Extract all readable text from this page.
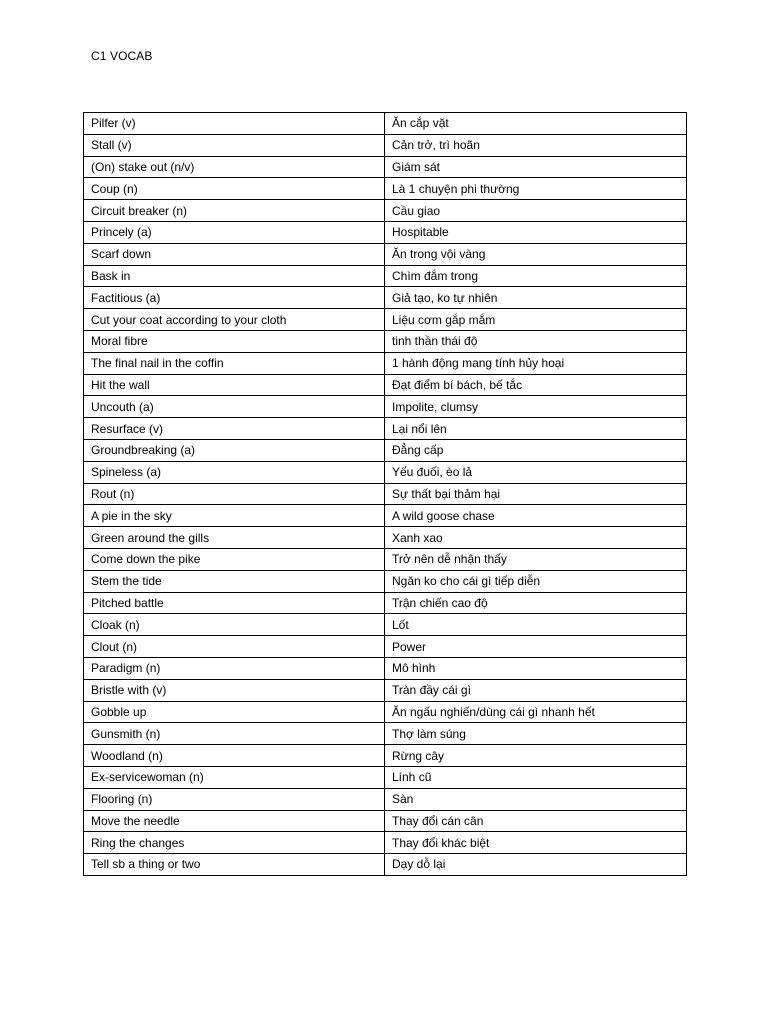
C1 VOCAB
Pilfer (v)	Ăn cắp vặt
Stall (v)	Cản trở, trì hoãn
(On) stake out (n/v)	Giám sát
Coup (n)	Là 1 chuyện phi thường
Circuit breaker (n)	Cầu giao
Princely (a)	Hospitable
Scarf down	Ăn trong vội vàng
Bask in	Chìm đắm trong
Factitious (a)	Giả tạo, ko tự nhiên
Cut your coat according to your cloth	Liệu cơm gắp mắm
Moral fibre	tinh thần thái độ
The final nail in the coffin	1 hành động mang tính hủy hoại
Hit the wall	Đạt điểm bí bách, bế tắc
Uncouth (a)	Impolite, clumsy
Resurface (v)	Lại nổi lên
Groundbreaking (a)	Đẳng cấp
Spineless (a)	Yếu đuối, èo lả
Rout (n)	Sự thất bại thảm hại
A pie in the sky	A wild goose chase
Green around the gills	Xanh xao
Come down the pike	Trở nên dễ nhận thấy
Stem the tide	Ngăn ko cho cái gì tiếp diễn
Pitched battle	Trận chiến cao độ
Cloak (n)	Lốt
Clout (n)	Power
Paradigm (n)	Mô hình
Bristle with (v)	Tràn đầy cái gì
Gobble up	Ăn ngấu nghiến/dùng cái gì nhanh hết
Gunsmith (n)	Thợ làm súng
Woodland (n)	Rừng cây
Ex-servicewoman (n)	Lính cũ
Flooring (n)	Sàn
Move the needle	Thay đổi cán cân
Ring the changes	Thay đổi khác biệt
Tell sb a thing or two	Dạy dỗ lại
